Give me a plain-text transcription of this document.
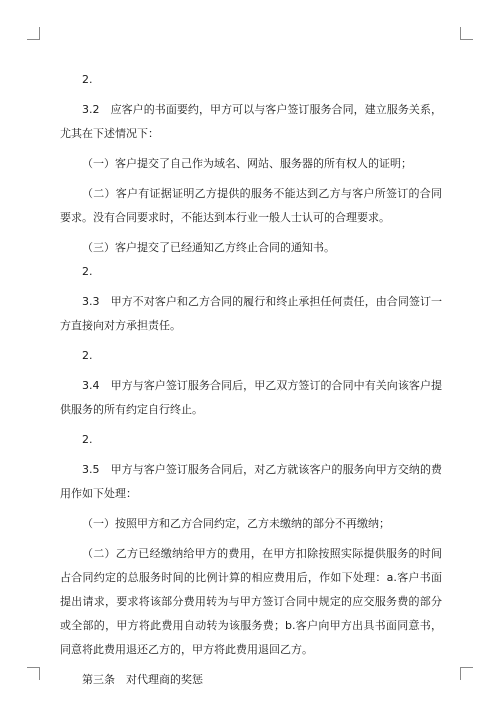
2.

3.2　应客户的书面要约，甲方可以与客户签订服务合同，建立服务关系，尤其在下述情况下：

（一）客户提交了自己作为域名、网站、服务器的所有权人的证明；

（二）客户有证据证明乙方提供的服务不能达到乙方与客户所签订的合同要求。没有合同要求时，不能达到本行业一般人士认可的合理要求。

（三）客户提交了已经通知乙方终止合同的通知书。

2.

3.3　甲方不对客户和乙方合同的履行和终止承担任何责任，由合同签订一方直接向对方承担责任。

2.

3.4　甲方与客户签订服务合同后，甲乙双方签订的合同中有关向该客户提供服务的所有约定自行终止。

2.

3.5　甲方与客户签订服务合同后，对乙方就该客户的服务向甲方交纳的费用作如下处理：

（一）按照甲方和乙方合同约定，乙方未缴纳的部分不再缴纳；

（二）乙方已经缴纳给甲方的费用，在甲方扣除按照实际提供服务的时间占合同约定的总服务时间的比例计算的相应费用后，作如下处理：a.客户书面提出请求，要求将该部分费用转为与甲方签订合同中规定的应交服务费的部分或全部的，甲方将此费用自动转为该服务费；b.客户向甲方出具书面同意书，同意将此费用退还乙方的，甲方将此费用退回乙方。

第三条　对代理商的奖惩
